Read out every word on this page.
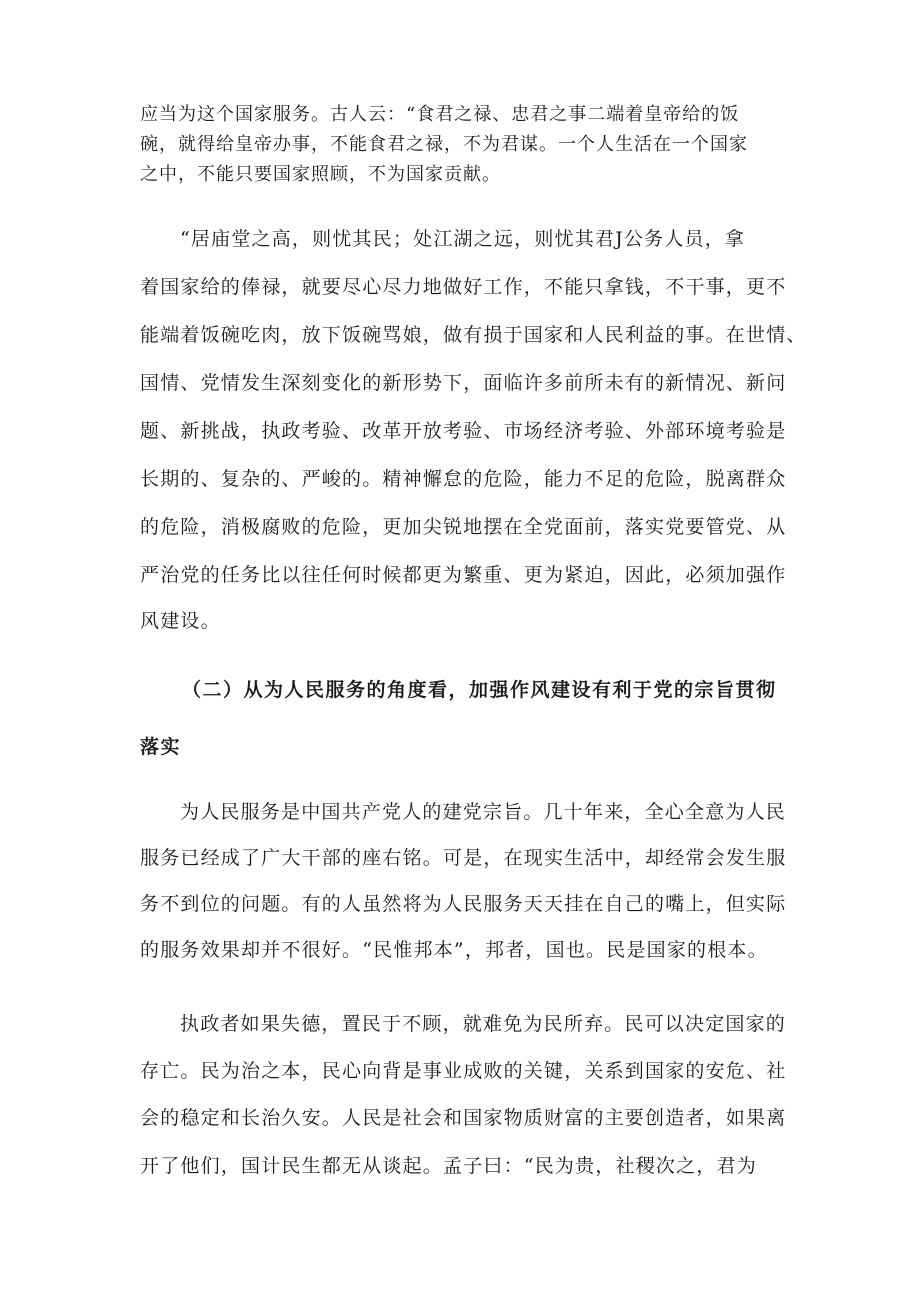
应当为这个国家服务。古人云：“食君之禄、忠君之事二端着皇帝给的饭
碗，就得给皇帝办事，不能食君之禄，不为君谋。一个人生活在一个国家
之中，不能只要国家照顾，不为国家贡献。
“居庙堂之高，则忧其民；处江湖之远，则忧其君J公务人员，拿
着国家给的俸禄，就要尽心尽力地做好工作，不能只拿钱，不干事，更不
能端着饭碗吃肉，放下饭碗骂娘，做有损于国家和人民利益的事。在世情、
国情、党情发生深刻变化的新形势下，面临许多前所未有的新情况、新问
题、新挑战，执政考验、改革开放考验、市场经济考验、外部环境考验是
长期的、复杂的、严峻的。精神懈怠的危险，能力不足的危险，脱离群众
的危险，消极腐败的危险，更加尖锐地摆在全党面前，落实党要管党、从
严治党的任务比以往任何时候都更为繁重、更为紧迫，因此，必须加强作
风建设。
（二）从为人民服务的角度看，加强作风建设有利于党的宗旨贯彻
落实
为人民服务是中国共产党人的建党宗旨。几十年来，全心全意为人民
服务已经成了广大干部的座右铭。可是，在现实生活中，却经常会发生服
务不到位的问题。有的人虽然将为人民服务天天挂在自己的嘴上，但实际
的服务效果却并不很好。“民惟邦本”，邦者，国也。民是国家的根本。
执政者如果失德，置民于不顾，就难免为民所弃。民可以决定国家的
存亡。民为治之本，民心向背是事业成败的关键，关系到国家的安危、社
会的稳定和长治久安。人民是社会和国家物质财富的主要创造者，如果离
开了他们，国计民生都无从谈起。孟子曰：“民为贵，社稷次之，君为
